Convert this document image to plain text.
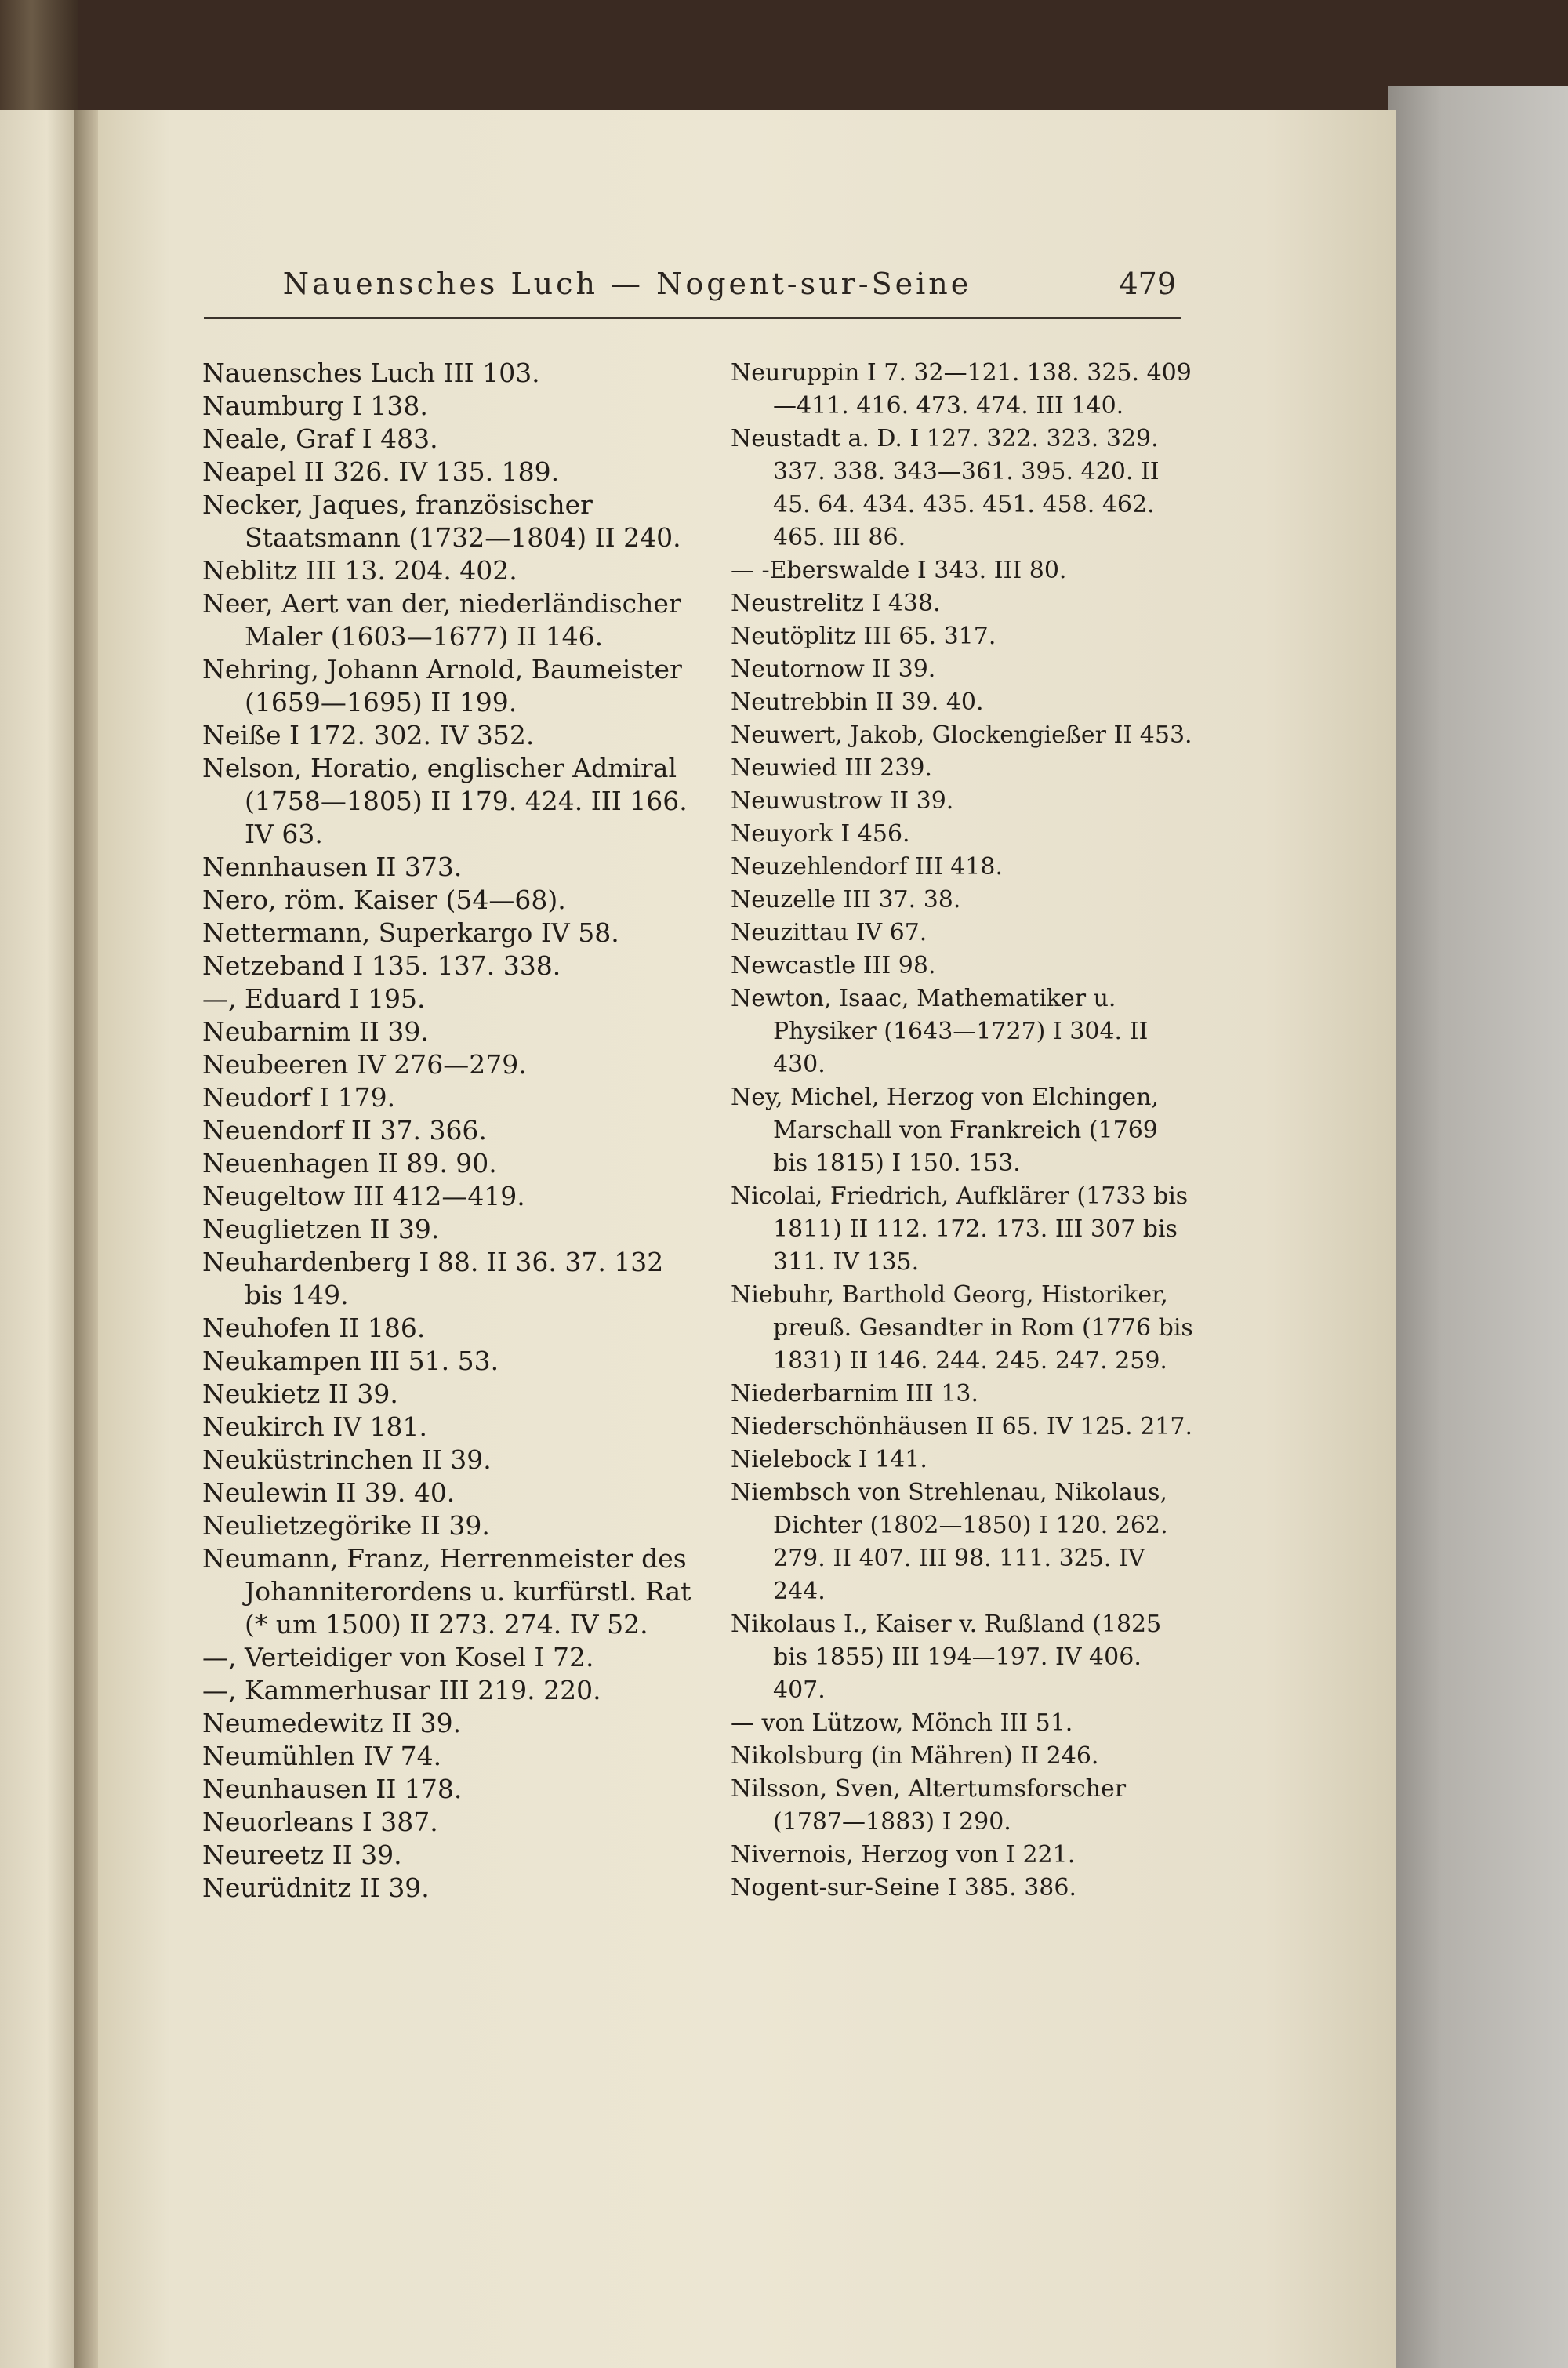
Nauensches Luch — Nogent-sur-Seine	479
Nauensches Luch III 103.
Naumburg I 138.
Neale, Graf I 483.
Neapel II 326. IV 135. 189.
Necker, Jaques, französischer Staatsmann (1732—1804) II 240.
Neblitz III 13. 204. 402.
Neer, Aert van der, niederländischer Maler (1603—1677) II 146.
Nehring, Johann Arnold, Baumeister (1659—1695) II 199.
Neiße I 172. 302. IV 352.
Nelson, Horatio, englischer Admiral (1758—1805) II 179. 424. III 166. IV 63.
Nennhausen II 373.
Nero, röm. Kaiser (54—68).
Nettermann, Superkargo IV 58.
Netzeband I 135. 137. 338.
—, Eduard I 195.
Neubarnim II 39.
Neubeeren IV 276—279.
Neudorf I 179.
Neuendorf II 37. 366.
Neuenhagen II 89. 90.
Neugeltow III 412—419.
Neuglietzen II 39.
Neuhardenberg I 88. II 36. 37. 132 bis 149.
Neuhofen II 186.
Neukampen III 51. 53.
Neukietz II 39.
Neukirch IV 181.
Neuküstrinchen II 39.
Neulewin II 39. 40.
Neulietzegörike II 39.
Neumann, Franz, Herrenmeister des Johanniterordens u. kurfürstl. Rat (* um 1500) II 273. 274. IV 52.
—, Verteidiger von Kosel I 72.
—, Kammerhusar III 219. 220.
Neumedewitz II 39.
Neumühlen IV 74.
Neunhausen II 178.
Neuorleans I 387.
Neureetz II 39.
Neurüdnitz II 39.
Neuruppin I 7. 32—121. 138. 325. 409—411. 416. 473. 474. III 140.
Neustadt a. D. I 127. 322. 323. 329. 337. 338. 343—361. 395. 420. II 45. 64. 434. 435. 451. 458. 462. 465. III 86.
— -Eberswalde I 343. III 80.
Neustrelitz I 438.
Neutöplitz III 65. 317.
Neutornow II 39.
Neutrebbin II 39. 40.
Neuwert, Jakob, Glockengießer II 453.
Neuwied III 239.
Neuwustrow II 39.
Neuyork I 456.
Neuzehlendorf III 418.
Neuzelle III 37. 38.
Neuzittau IV 67.
Newcastle III 98.
Newton, Isaac, Mathematiker u. Physiker (1643—1727) I 304. II 430.
Ney, Michel, Herzog von Elchingen, Marschall von Frankreich (1769 bis 1815) I 150. 153.
Nicolai, Friedrich, Aufklärer (1733 bis 1811) II 112. 172. 173. III 307 bis 311. IV 135.
Niebuhr, Barthold Georg, Historiker, preuß. Gesandter in Rom (1776 bis 1831) II 146. 244. 245. 247. 259.
Niederbarnim III 13.
Niederschönhäusen II 65. IV 125. 217.
Nielebock I 141.
Niembsch von Strehlenau, Nikolaus, Dichter (1802—1850) I 120. 262. 279. II 407. III 98. 111. 325. IV 244.
Nikolaus I., Kaiser v. Rußland (1825 bis 1855) III 194—197. IV 406. 407.
— von Lützow, Mönch III 51.
Nikolsburg (in Mähren) II 246.
Nilsson, Sven, Altertumsforscher (1787—1883) I 290.
Nivernois, Herzog von I 221.
Nogent-sur-Seine I 385. 386.
